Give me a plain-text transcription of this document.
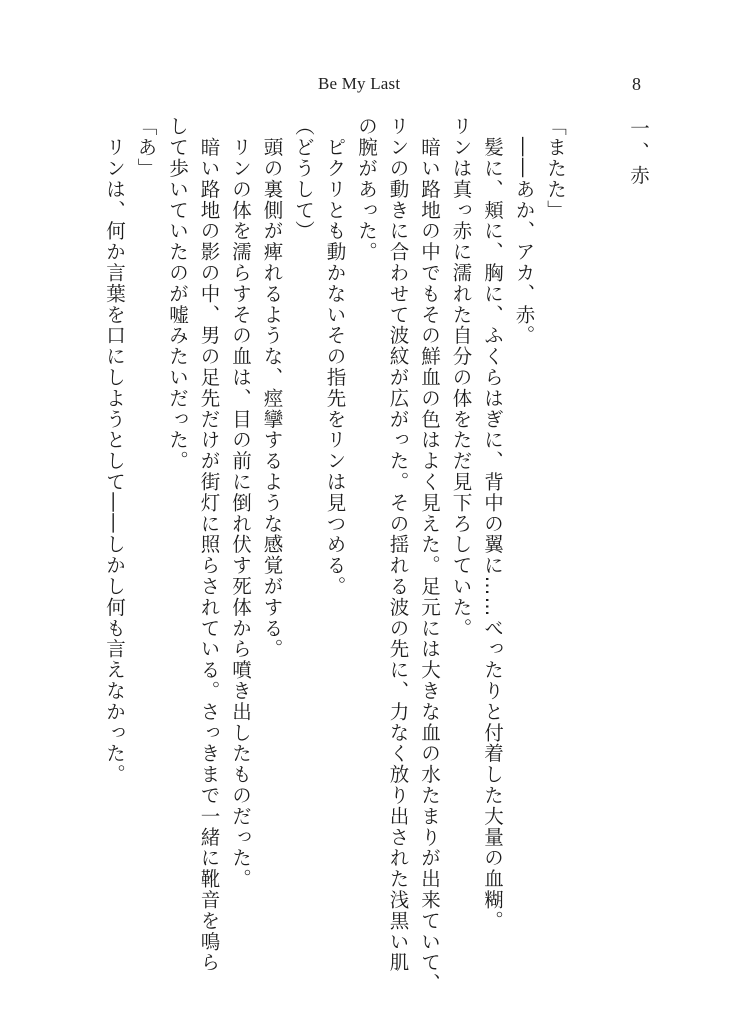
Be My Last	8
一、赤
「またた」
　――あか、アカ、赤。
　髪に、頬に、胸に、ふくらはぎに、背中の翼に……べったりと付着した大量の血糊。
リンは真っ赤に濡れた自分の体をただ見下ろしていた。
　暗い路地の中でもその鮮血の色はよく見えた。足元には大きな血の水たまりが出来ていて、
リンの動きに合わせて波紋が広がった。その揺れる波の先に、力なく放り出された浅黒い肌
の腕があった。
　ピクリとも動かないその指先をリンは見つめる。
（どうして）
　頭の裏側が痺れるような、痙攣するような感覚がする。
　リンの体を濡らすその血は、目の前に倒れ伏す死体から噴き出したものだった。
　暗い路地の影の中、男の足先だけが街灯に照らされている。さっきまで一緒に靴音を鳴ら
して歩いていたのが嘘みたいだった。
「あ」
　リンは、何か言葉を口にしようとして――しかし何も言えなかった。
